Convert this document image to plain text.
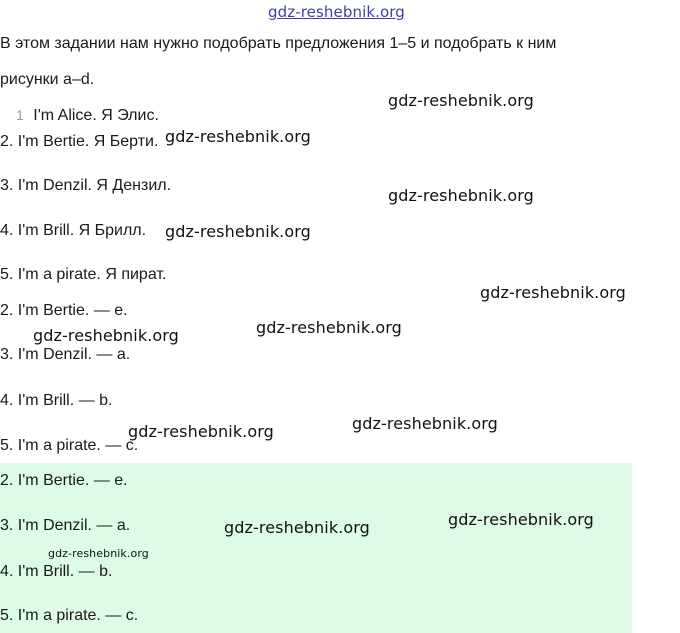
gdz-reshebnik.org
В этом задании нам нужно подобрать предложения 1–5 и подобрать к ним
рисунки a–d.
1 I'm Alice. Я Элис.
2. I'm Bertie. Я Берти.
3. I'm Denzil. Я Дензил.
4. I'm Brill. Я Брилл.
5. I'm a pirate. Я пират.
2. I'm Bertie. — e.
3. I'm Denzil. — a.
4. I'm Brill. — b.
5. I'm a pirate. — c.
2. I'm Bertie. — e.
3. I'm Denzil. — a.
4. I'm Brill. — b.
5. I'm a pirate. — c.
gdz-reshebnik.org
gdz-reshebnik.org
gdz-reshebnik.org
gdz-reshebnik.org
gdz-reshebnik.org
gdz-reshebnik.org
gdz-reshebnik.org
gdz-reshebnik.org
gdz-reshebnik.org
gdz-reshebnik.org
gdz-reshebnik.org
gdz-reshebnik.org
